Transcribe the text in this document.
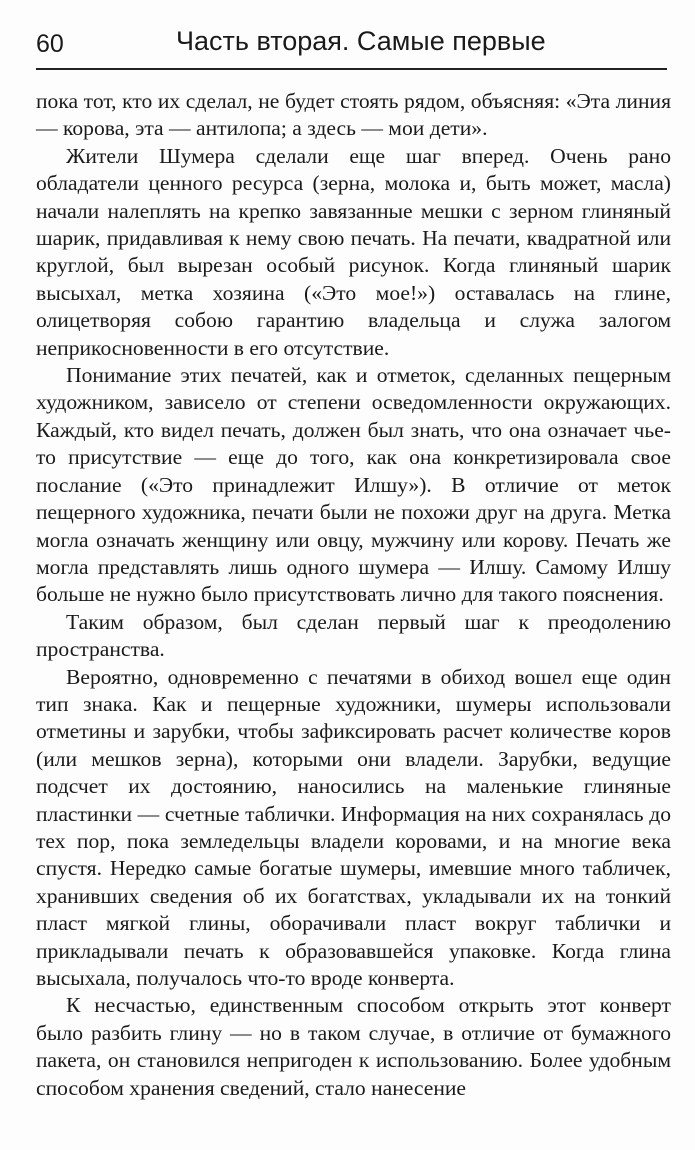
60	Часть вторая. Самые первые

пока тот, кто их сделал, не будет стоять рядом, объясняя: «Эта линия — корова, эта — антилопа; а здесь — мои дети».

Жители Шумера сделали еще шаг вперед. Очень рано обладатели ценного ресурса (зерна, молока и, быть может, масла) начали налеплять на крепко завязанные мешки с зерном глиняный шарик, придавливая к нему свою печать. На печати, квадратной или круглой, был вырезан особый рисунок. Когда глиняный шарик высыхал, метка хозяина («Это мое!») оставалась на глине, олицетворяя собою гарантию владельца и служа залогом неприкосновенности в его отсутствие.

Понимание этих печатей, как и отметок, сделанных пещерным художником, зависело от степени осведомленности окружающих. Каждый, кто видел печать, должен был знать, что она означает чье-то присутствие — еще до того, как она конкретизировала свое послание («Это принадлежит Илшу»). В отличие от меток пещерного художника, печати были не похожи друг на друга. Метка могла означать женщину или овцу, мужчину или корову. Печать же могла представлять лишь одного шумера — Илшу. Самому Илшу больше не нужно было присутствовать лично для такого пояснения.

Таким образом, был сделан первый шаг к преодолению пространства.

Вероятно, одновременно с печатями в обиход вошел еще один тип знака. Как и пещерные художники, шумеры использовали отметины и зарубки, чтобы зафиксировать расчет количестве коров (или мешков зерна), которыми они владели. Зарубки, ведущие подсчет их достоянию, наносились на маленькие глиняные пластинки — счетные таблички. Информация на них сохранялась до тех пор, пока земледельцы владели коровами, и на многие века спустя. Нередко самые богатые шумеры, имевшие много табличек, хранивших сведения об их богатствах, укладывали их на тонкий пласт мягкой глины, оборачивали пласт вокруг таблички и прикладывали печать к образовавшейся упаковке. Когда глина высыхала, получалось что-то вроде конверта.

К несчастью, единственным способом открыть этот конверт было разбить глину — но в таком случае, в отличие от бумажного пакета, он становился непригоден к использованию. Более удобным способом хранения сведений, стало нанесение
